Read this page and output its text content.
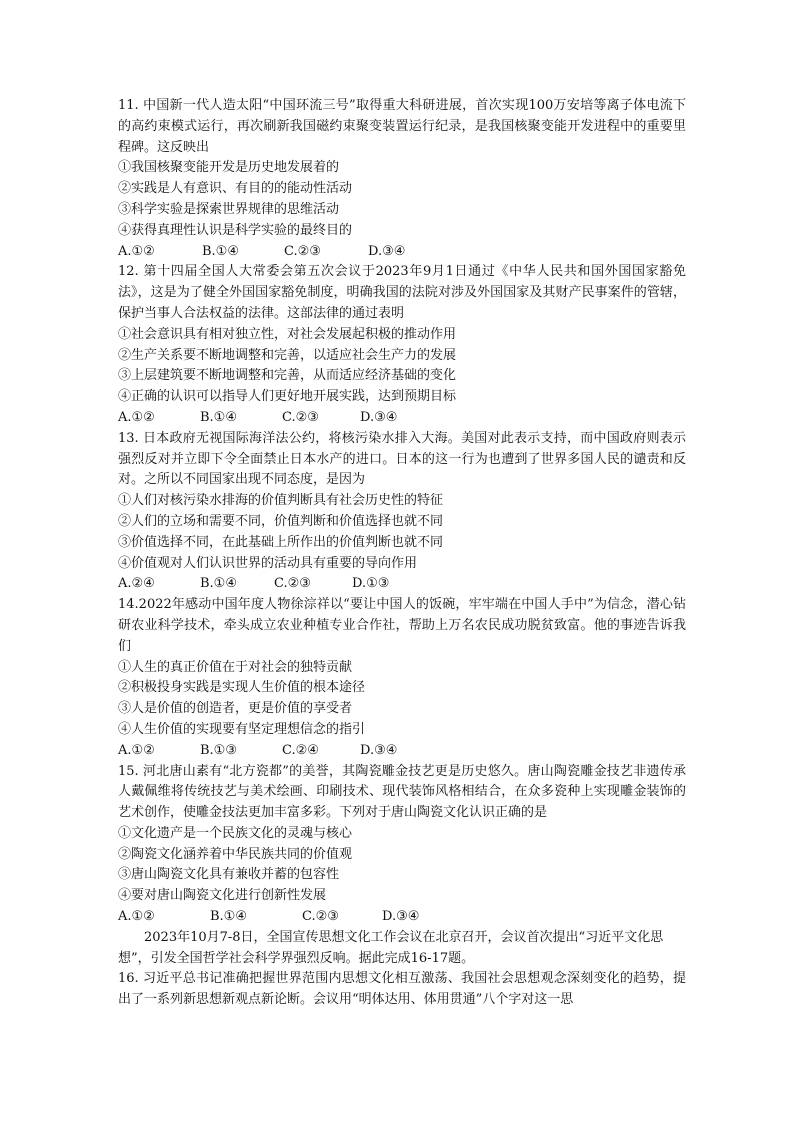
11. 中国新一代人造太阳“中国环流三号”取得重大科研进展，首次实现100万安培等离子体电流下的高约束模式运行，再次刷新我国磁约束聚变装置运行纪录，是我国核聚变能开发进程中的重要里程碑。这反映出

①我国核聚变能开发是历史地发展着的

②实践是人有意识、有目的的能动性活动

③科学实验是探索世界规律的思维活动

④获得真理性认识是科学实验的最终目的

A.①②	B.①④	C.②③	D.③④

12. 第十四届全国人大常委会第五次会议于2023年9月1日通过《中华人民共和国外国国家豁免法》，这是为了健全外国国家豁免制度，明确我国的法院对涉及外国国家及其财产民事案件的管辖，保护当事人合法权益的法律。这部法律的通过表明

①社会意识具有相对独立性，对社会发展起积极的推动作用

②生产关系要不断地调整和完善，以适应社会生产力的发展

③上层建筑要不断地调整和完善，从而适应经济基础的变化

④正确的认识可以指导人们更好地开展实践，达到预期目标

A.①②	B.①④	C.②③	D.③④

13. 日本政府无视国际海洋法公约，将核污染水排入大海。美国对此表示支持，而中国政府则表示强烈反对并立即下令全面禁止日本水产的进口。日本的这一行为也遭到了世界多国人民的谴责和反对。之所以不同国家出现不同态度，是因为

①人们对核污染水排海的价值判断具有社会历史性的特征

②人们的立场和需要不同，价值判断和价值选择也就不同

③价值选择不同，在此基础上所作出的价值判断也就不同

④价值观对人们认识世界的活动具有重要的导向作用

A.②④	B.①④	C.②③	D.①③

14.2022年感动中国年度人物徐淙祥以“要让中国人的饭碗，牢牢端在中国人手中”为信念，潜心钻研农业科学技术，牵头成立农业种植专业合作社，帮助上万名农民成功脱贫致富。他的事迹告诉我们

①人生的真正价值在于对社会的独特贡献

②积极投身实践是实现人生价值的根本途径

③人是价值的创造者，更是价值的享受者

④人生价值的实现要有坚定理想信念的指引

A.①②	B.①③	C.②④	D.③④

15. 河北唐山素有“北方瓷都”的美誉，其陶瓷雕金技艺更是历史悠久。唐山陶瓷雕金技艺非遗传承人戴佩维将传统技艺与美术绘画、印刷技术、现代装饰风格相结合，在众多瓷种上实现雕金装饰的艺术创作，使雕金技法更加丰富多彩。下列对于唐山陶瓷文化认识正确的是

①文化遗产是一个民族文化的灵魂与核心

②陶瓷文化涵养着中华民族共同的价值观

③唐山陶瓷文化具有兼收并蓄的包容性

④要对唐山陶瓷文化进行创新性发展

A.①②	B.①④	C.②③	D.③④

2023年10月7-8日，全国宣传思想文化工作会议在北京召开，会议首次提出“习近平文化思想”，引发全国哲学社会科学界强烈反响。据此完成16-17题。

16. 习近平总书记准确把握世界范围内思想文化相互激荡、我国社会思想观念深刻变化的趋势，提出了一系列新思想新观点新论断。会议用“明体达用、体用贯通”八个字对这一思
